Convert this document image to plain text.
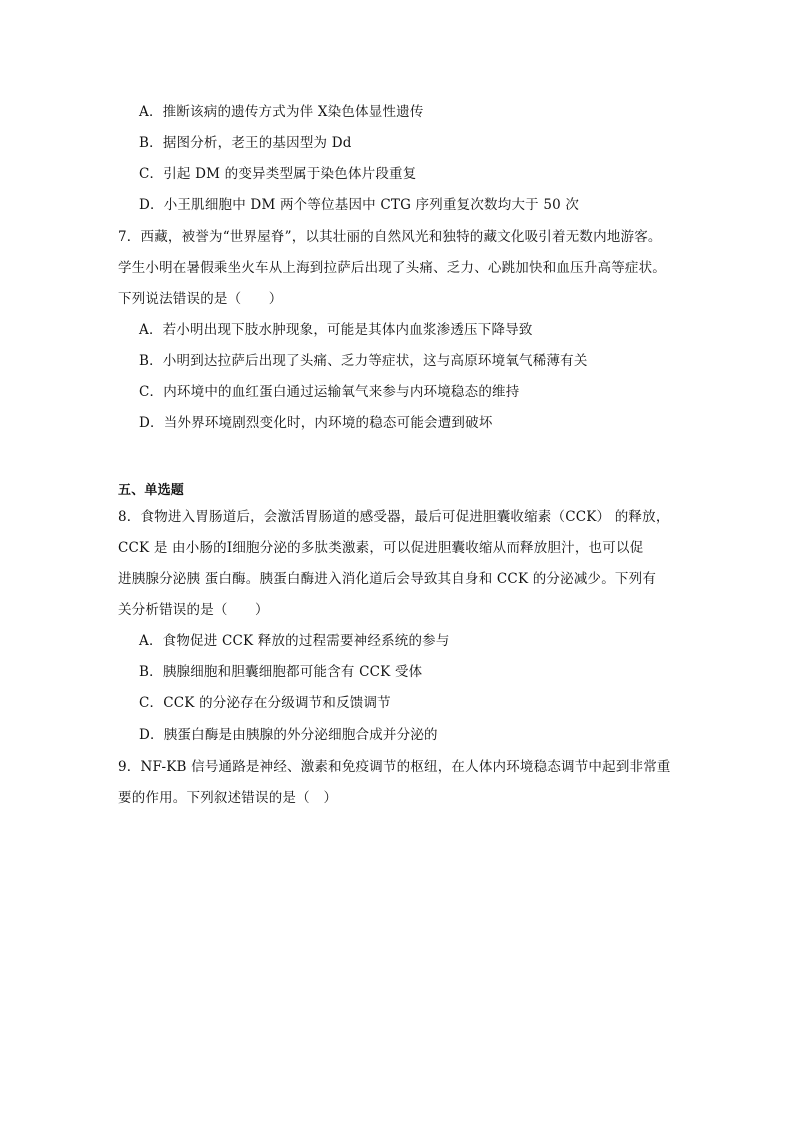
A．推断该病的遗传方式为伴 X染色体显性遗传
B．据图分析，老王的基因型为 Dd
C．引起 DM 的变异类型属于染色体片段重复
D．小王肌细胞中 DM 两个等位基因中 CTG 序列重复次数均大于 50 次
7．西藏，被誉为“世界屋脊”，以其壮丽的自然风光和独特的藏文化吸引着无数内地游客。
学生小明在暑假乘坐火车从上海到拉萨后出现了头痛、乏力、心跳加快和血压升高等症状。
下列说法错误的是（　　）
A．若小明出现下肢水肿现象，可能是其体内血浆渗透压下降导致
B．小明到达拉萨后出现了头痛、乏力等症状，这与高原环境氧气稀薄有关
C．内环境中的血红蛋白通过运输氧气来参与内环境稳态的维持
D．当外界环境剧烈变化时，内环境的稳态可能会遭到破坏
五、单选题
8．食物进入胃肠道后，会激活胃肠道的感受器，最后可促进胆囊收缩素（CCK） 的释放，
CCK 是 由小肠的Ⅰ细胞分泌的多肽类激素，可以促进胆囊收缩从而释放胆汁，也可以促
进胰腺分泌胰 蛋白酶。胰蛋白酶进入消化道后会导致其自身和 CCK 的分泌减少。下列有
关分析错误的是（　　）
A．食物促进 CCK 释放的过程需要神经系统的参与
B．胰腺细胞和胆囊细胞都可能含有 CCK 受体
C．CCK 的分泌存在分级调节和反馈调节
D．胰蛋白酶是由胰腺的外分泌细胞合成并分泌的
9．NF-KB 信号通路是神经、激素和免疫调节的枢纽，在人体内环境稳态调节中起到非常重
要的作用。下列叙述错误的是（　）
